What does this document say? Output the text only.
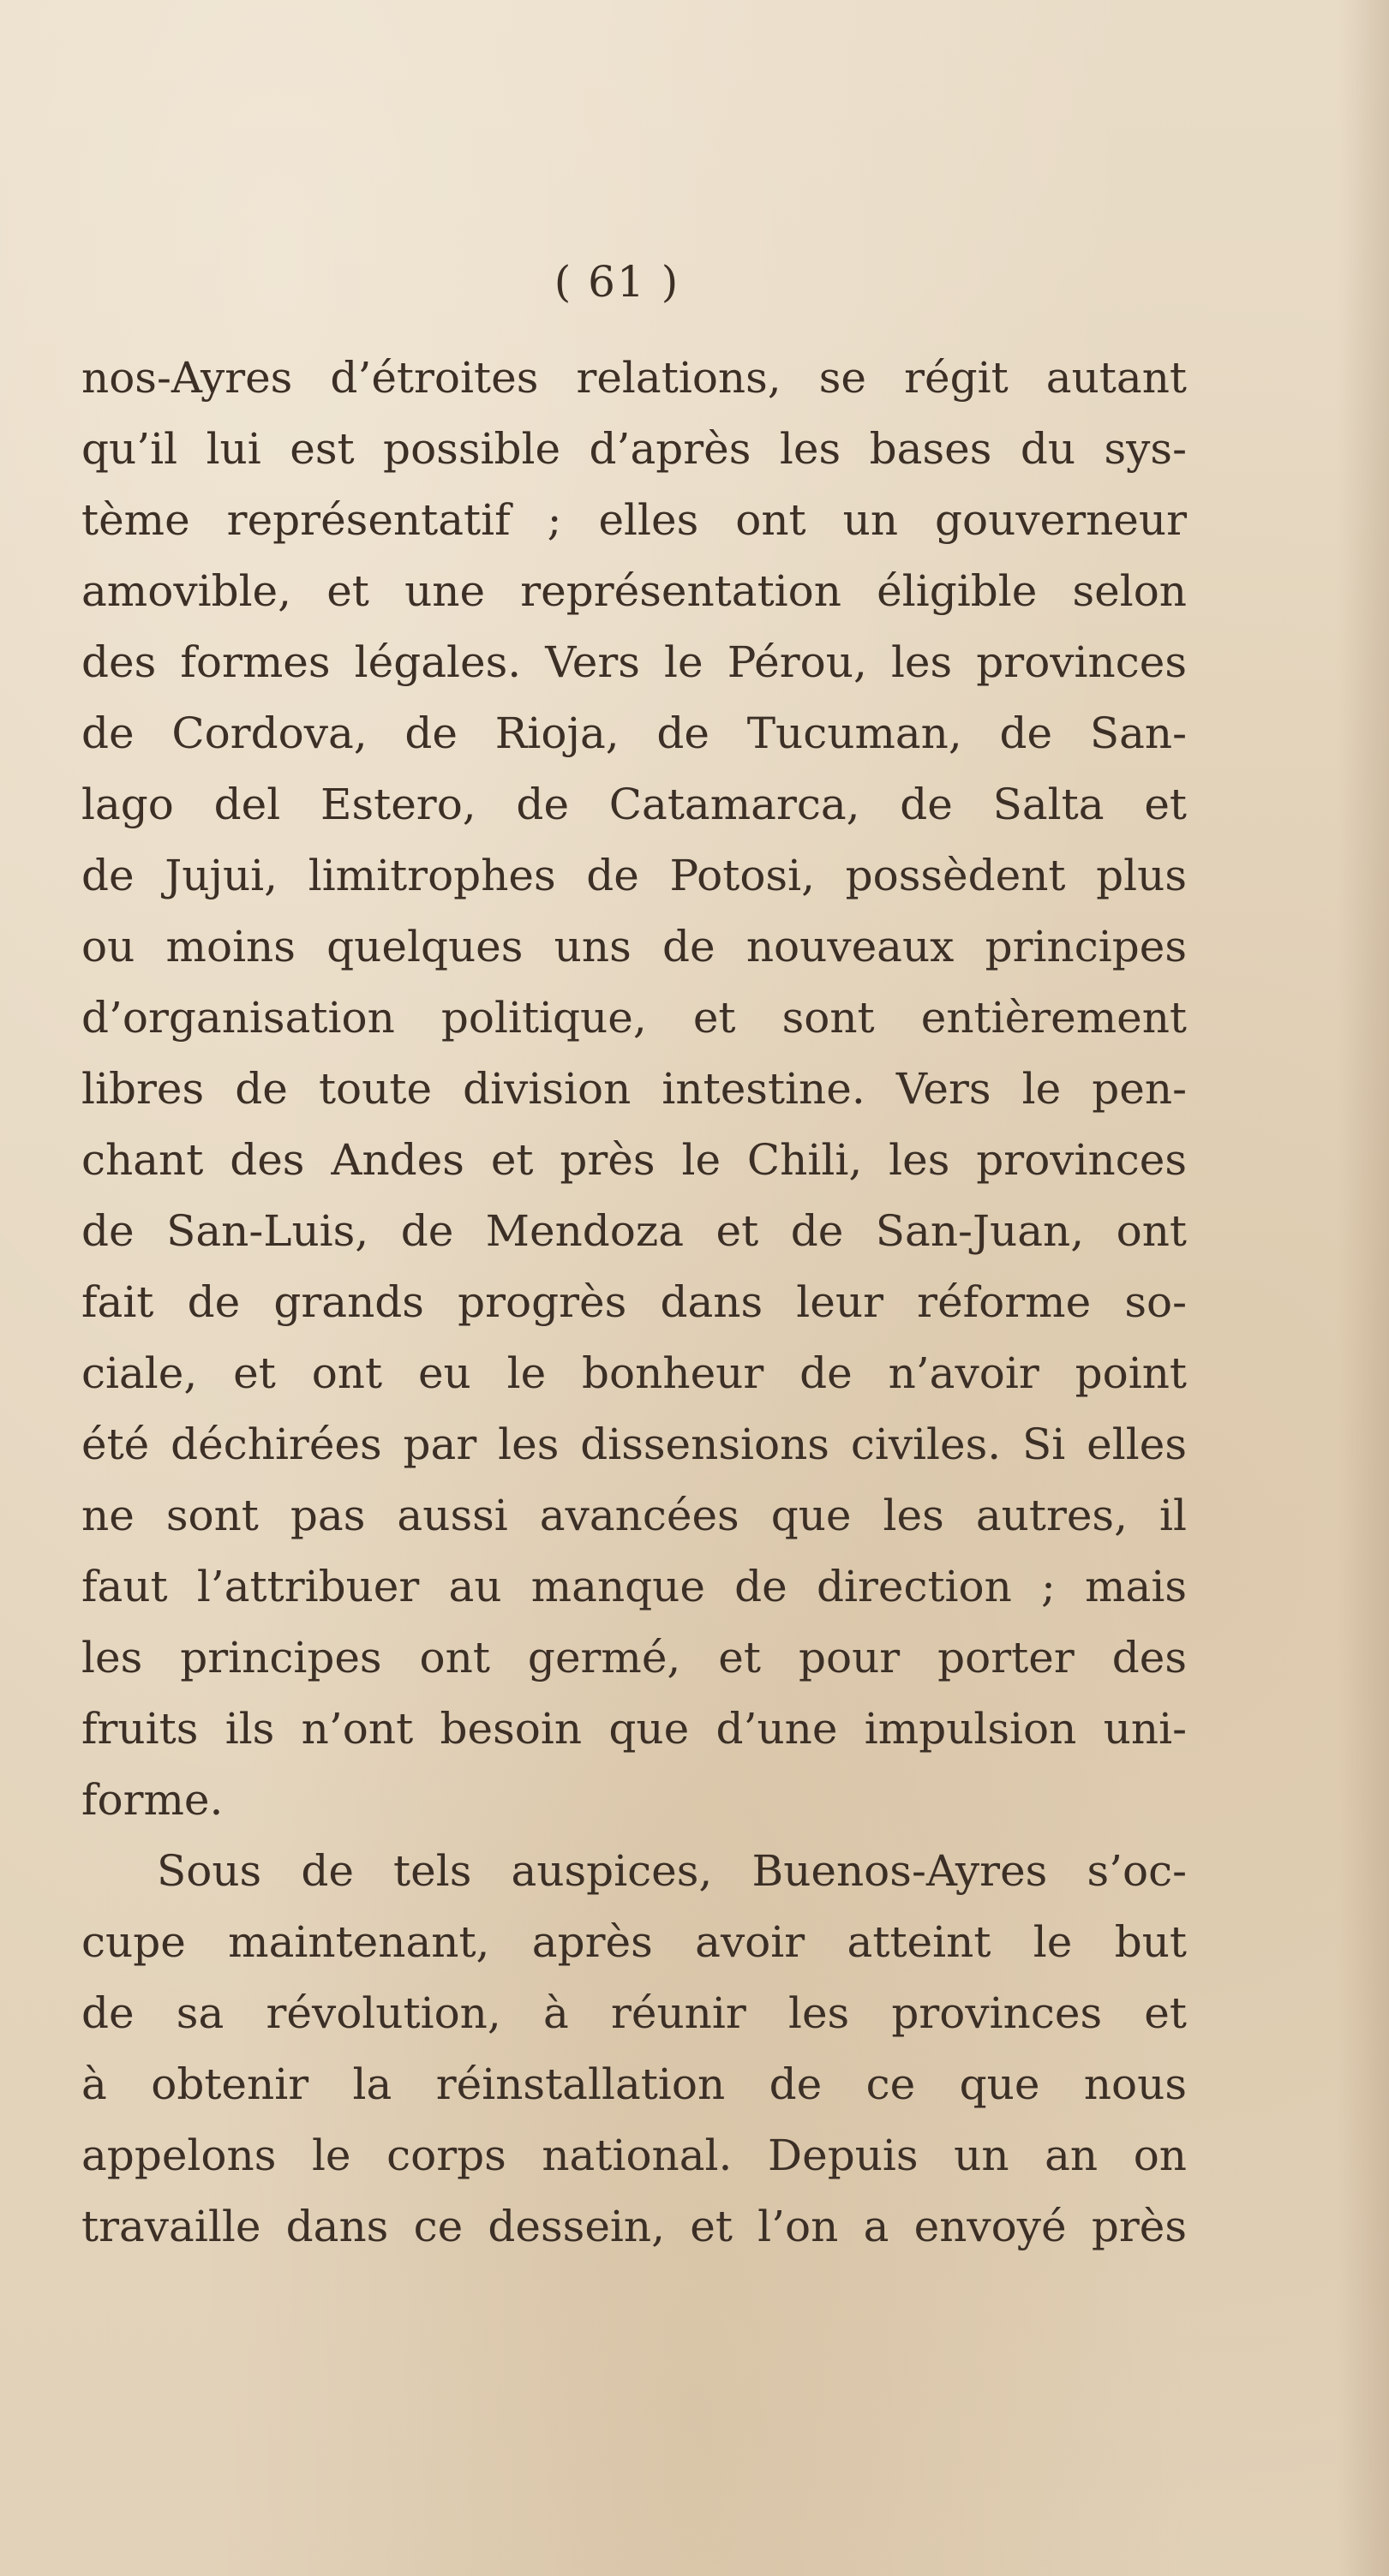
( 61 )
nos-Ayres d’étroites relations, se régit autant
qu’il lui est possible d’après les bases du sys-
tème représentatif ; elles ont un gouverneur
amovible, et une représentation éligible selon
des formes légales. Vers le Pérou, les provinces
de Cordova, de Rioja, de Tucuman, de San-
lago del Estero, de Catamarca, de Salta et
de Jujui, limitrophes de Potosi, possèdent plus
ou moins quelques uns de nouveaux principes
d’organisation politique, et sont entièrement
libres de toute division intestine. Vers le pen-
chant des Andes et près le Chili, les provinces
de San-Luis, de Mendoza et de San-Juan, ont
fait de grands progrès dans leur réforme so-
ciale, et ont eu le bonheur de n’avoir point
été déchirées par les dissensions civiles. Si elles
ne sont pas aussi avancées que les autres, il
faut l’attribuer au manque de direction ; mais
les principes ont germé, et pour porter des
fruits ils n’ont besoin que d’une impulsion uni-
forme.
Sous de tels auspices, Buenos-Ayres s’oc-
cupe maintenant, après avoir atteint le but
de sa révolution, à réunir les provinces et
à obtenir la réinstallation de ce que nous
appelons le corps national. Depuis un an on
travaille dans ce dessein, et l’on a envoyé près
